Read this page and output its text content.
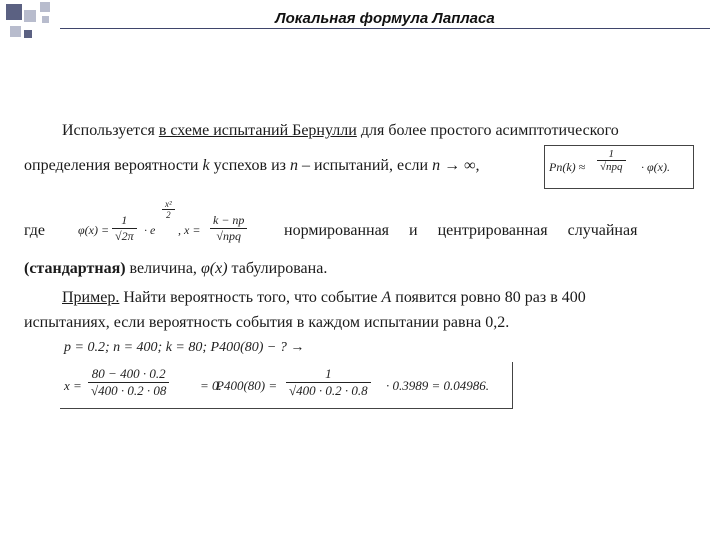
Локальная формула Лапласа
Используется в схеме испытаний Бернулли для более простого асимптотического
определения вероятности k успехов из n – испытаний, если n → ∞,	Pn(k) ≈
1
√npq · φ(x).
где	$\varphi(x) = \frac{1}{√2\pi} \cdot e$
$\frac{\text{x²}}{2}$
, x =
k − np
√npq	нормированная     и     центрированная     случайная
(стандартная) величина, φ(x) табулирована.
Пример. Найти вероятность того, что событие A появится ровно 80 раз в 400
испытаниях, если вероятность события в каждом испытании равна 0,2.
p = 0.2; n = 400; k = 80; P400(80) − ? →
$x = \frac{80 - 400 \cdot 0.2}{√400 \cdot 0.2 \cdot 08} = 0$.
$P400(80) = \frac{1}{√400 \cdot 0.2 \cdot 0.8} \cdot 0.3989 = 0.04986$.
